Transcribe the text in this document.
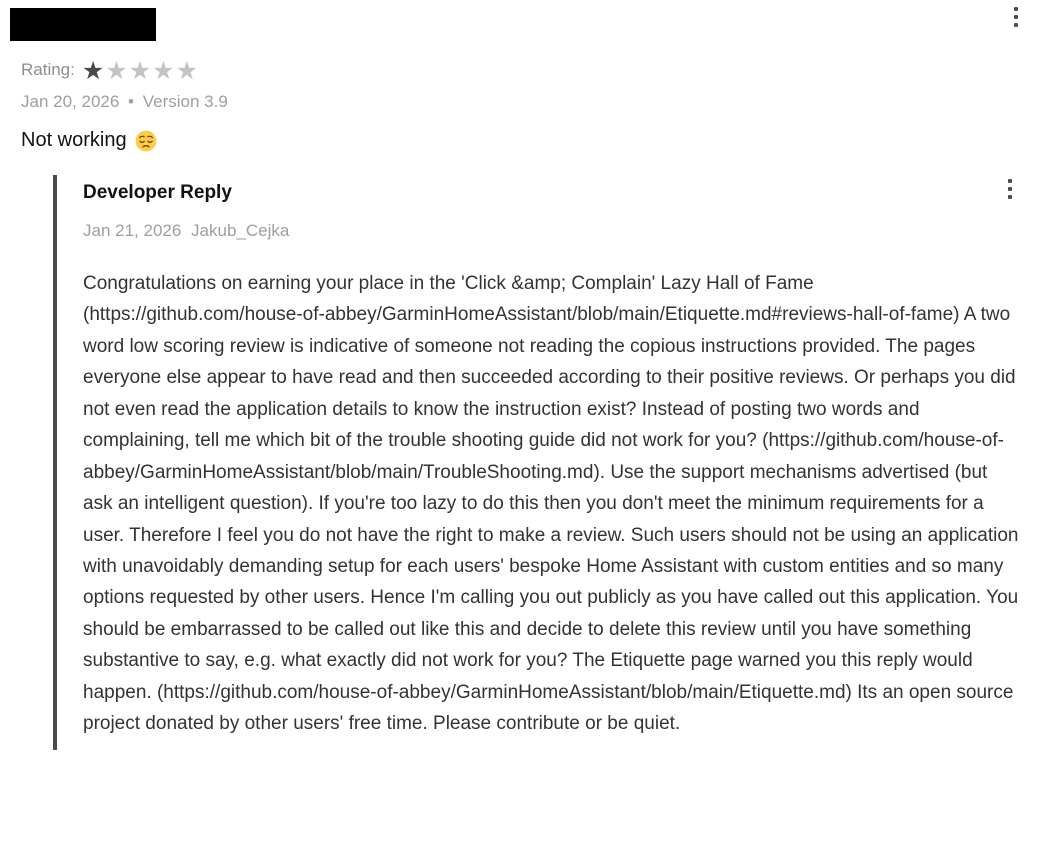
Rating: ★ ★ ★ ★ ★
Jan 20, 2026 • Version 3.9
Not working
Developer Reply
Jan 21, 2026 Jakub_Cejka

Congratulations on earning your place in the 'Click &amp; Complain' Lazy Hall of Fame (https://github.com/house-of-abbey/GarminHomeAssistant/blob/main/Etiquette.md#reviews-hall-of-fame) A two word low scoring review is indicative of someone not reading the copious instructions provided. The pages everyone else appear to have read and then succeeded according to their positive reviews. Or perhaps you did not even read the application details to know the instruction exist? Instead of posting two words and complaining, tell me which bit of the trouble shooting guide did not work for you? (https://github.com/house-of-abbey/GarminHomeAssistant/blob/main/TroubleShooting.md). Use the support mechanisms advertised (but ask an intelligent question). If you're too lazy to do this then you don't meet the minimum requirements for a user. Therefore I feel you do not have the right to make a review. Such users should not be using an application with unavoidably demanding setup for each users' bespoke Home Assistant with custom entities and so many options requested by other users. Hence I'm calling you out publicly as you have called out this application. You should be embarrassed to be called out like this and decide to delete this review until you have something substantive to say, e.g. what exactly did not work for you? The Etiquette page warned you this reply would happen. (https://github.com/house-of-abbey/GarminHomeAssistant/blob/main/Etiquette.md) Its an open source project donated by other users' free time. Please contribute or be quiet.
